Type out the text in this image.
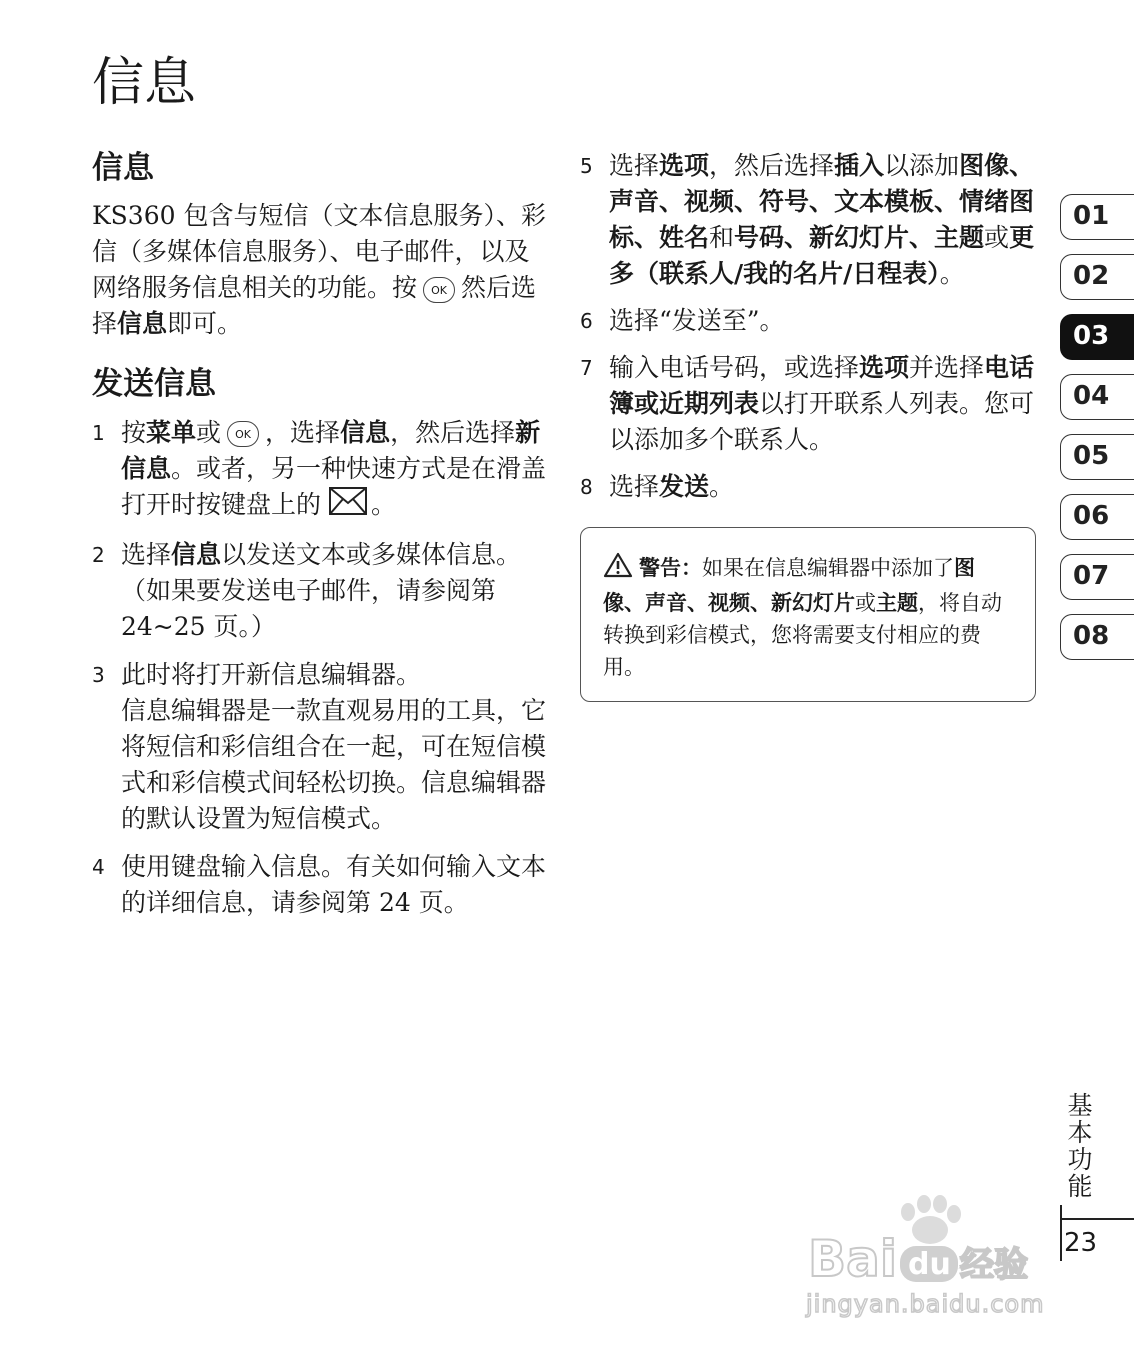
信息
信息

KS360 包含与短信（文本信息服务）、彩信（多媒体信息服务）、电子邮件，以及网络服务信息相关的功能。按 OK 然后选择信息即可。

发送信息
1 按菜单或 OK ，选择信息，然后选择新信息。或者，另一种快速方式是在滑盖打开时按键盘上的 。
2 选择信息以发送文本或多媒体信息。（如果要发送电子邮件，请参阅第 24~25 页。）
3 此时将打开新信息编辑器。
信息编辑器是一款直观易用的工具，它将短信和彩信组合在一起，可在短信模式和彩信模式间轻松切换。信息编辑器的默认设置为短信模式。
4 使用键盘输入信息。有关如何输入文本的详细信息，请参阅第 24 页。
5 选择选项，然后选择插入以添加图像、声音、视频、符号、文本模板、情绪图标、姓名和号码、新幻灯片、主题或更多（联系人/我的名片/日程表）。
6 选择“发送至”。
7 输入电话号码，或选择选项并选择电话簿或近期列表以打开联系人列表。您可以添加多个联系人。
8 选择发送。
警告：如果在信息编辑器中添加了图像、声音、视频、新幻灯片或主题，将自动转换到彩信模式，您将需要支付相应的费用。
01
02
03
04
05
06
07
08
基本功能
23
Bai 经验
du
jingyan.baidu.com
